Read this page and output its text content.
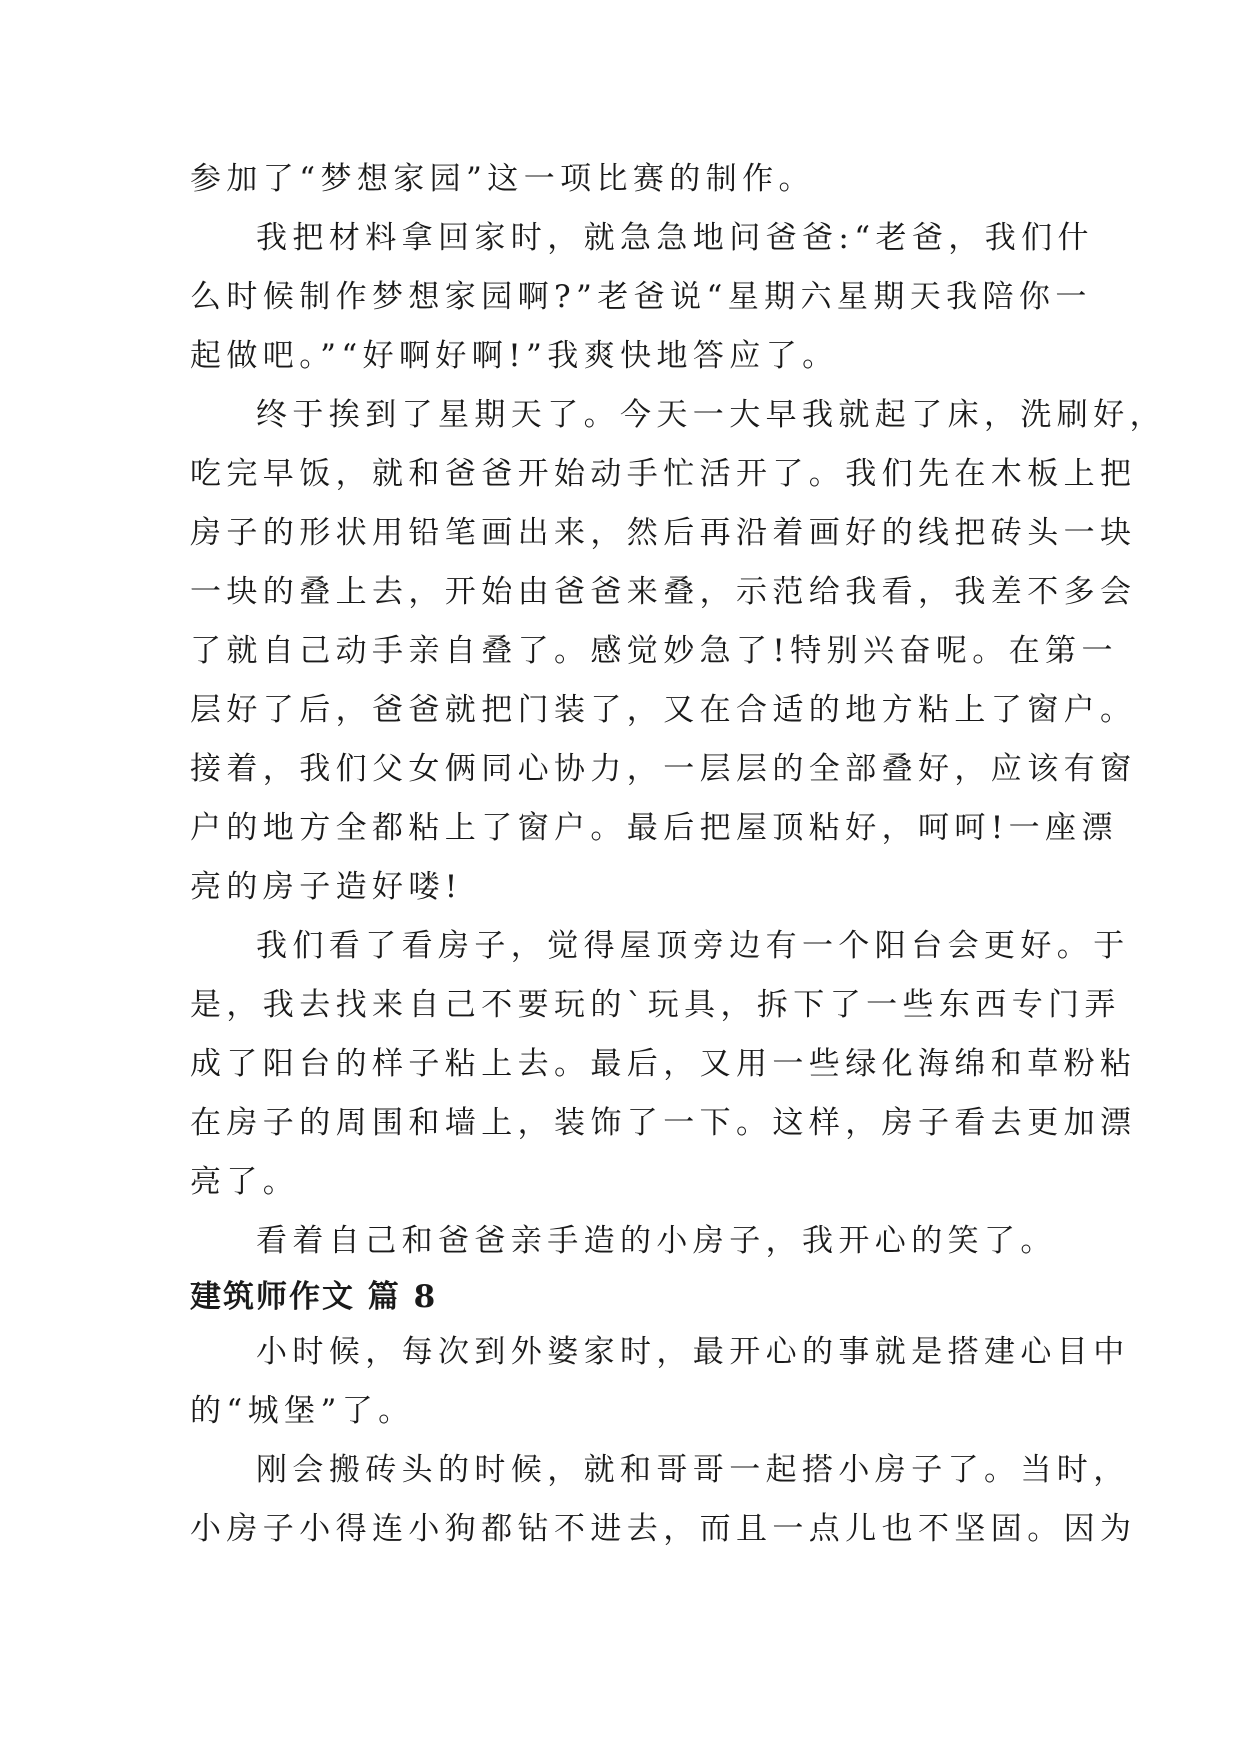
参加了“梦想家园”这一项比赛的制作。

我把材料拿回家时，就急急地问爸爸:“老爸，我们什

么时候制作梦想家园啊?”老爸说“星期六星期天我陪你一

起做吧。”“好啊好啊!”我爽快地答应了。

终于挨到了星期天了。今天一大早我就起了床，洗刷好，

吃完早饭，就和爸爸开始动手忙活开了。我们先在木板上把

房子的形状用铅笔画出来，然后再沿着画好的线把砖头一块

一块的叠上去，开始由爸爸来叠，示范给我看，我差不多会

了就自己动手亲自叠了。感觉妙急了!特别兴奋呢。在第一

层好了后，爸爸就把门装了，又在合适的地方粘上了窗户。

接着，我们父女俩同心协力，一层层的全部叠好，应该有窗

户的地方全都粘上了窗户。最后把屋顶粘好，呵呵!一座漂

亮的房子造好喽!

我们看了看房子，觉得屋顶旁边有一个阳台会更好。于

是，我去找来自己不要玩的`玩具，拆下了一些东西专门弄

成了阳台的样子粘上去。最后，又用一些绿化海绵和草粉粘

在房子的周围和墙上，装饰了一下。这样，房子看去更加漂

亮了。

看着自己和爸爸亲手造的小房子，我开心的笑了。

建筑师作文 篇 8

小时候，每次到外婆家时，最开心的事就是搭建心目中

的“城堡”了。

刚会搬砖头的时候，就和哥哥一起搭小房子了。当时，

小房子小得连小狗都钻不进去，而且一点儿也不坚固。因为
